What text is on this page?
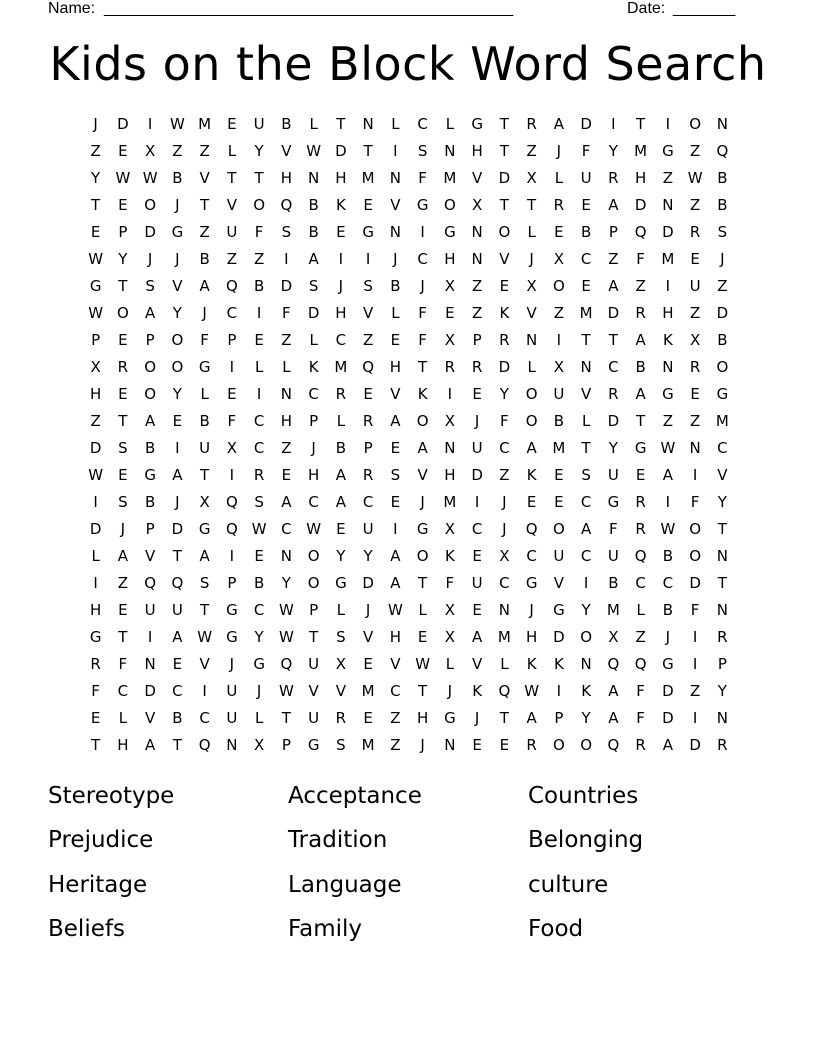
Name: ______________________________________________	Date: _______
Kids on the Block Word Search
J	D	I	W M	E	U	B	L	T	N	L	C	L	G	T	R	A	D	I	T	I	O	N
Z	E	X	Z	Z	L	Y	V W D	T	I	S	N	H	T	Z	J	F	Y	M G	Z	Q
Y	W W B	V	T	T	H	N	H	M	N	F	M	V	D	X	L	U	R	H	Z W B
T	E	O	J	T	V	O	Q	B	K	E	V	G	O	X	T	T	R	E	A	D	N	Z	B
E	P	D	G	Z	U	F	S	B	E	G	N	I	G	N	O	L	E	B	P	Q	D	R	S
W	Y	J	J	B	Z	Z	I	A	I	I	J	C	H	N	V	J	X	C	Z	F	M	E	J
G	T	S	V	A	Q	B	D	S	J	S	B	J	X	Z	E	X	O	E	A	Z	I	U	Z
W O	A	Y	J	C	I	F	D	H	V	L	F	E	Z	K	V	Z	M	D	R	H	Z	D
P	E	P	O	F	P	E	Z	L	C	Z	E	F	X	P	R	N	I	T	T	A	K	X	B
X	R	O	O	G	I	L	L	K	M Q	H	T	R	R	D	L	X	N	C	B	N	R	O
H	E	O	Y	L	E	I	N	C	R	E	V	K	I	E	Y	O	U	V	R	A	G	E	G
Z	T	A	E	B	F	C	H	P	L	R	A	O	X	J	F	O	B	L	D	T	Z	Z	M
D	S	B	I	U	X	C	Z	J	B	P	E	A	N	U	C	A	M	T	Y	G W N	C
W	E	G	A	T	I	R	E	H	A	R	S	V	H	D	Z	K	E	S	U	E	A	I	V
I	S	B	J	X	Q	S	A	C	A	C	E	J	M	I	J	E	E	C	G	R	I	F	Y
D	J	P	D	G	Q W C W	E	U	I	G	X	C	J	Q	O	A	F	R W O	T
L	A	V	T	A	I	E	N	O	Y	Y	A	O	K	E	X	C	U	C	U	Q	B	O	N
I	Z	Q	Q	S	P	B	Y	O	G	D	A	T	F	U	C	G	V	I	B	C	C	D	T
H	E	U	U	T	G	C W	P	L	J	W	L	X	E	N	J	G	Y	M	L	B	F	N
G	T	I	A W G	Y	W	T	S	V	H	E	X	A	M	H	D	O	X	Z	J	I	R
R	F	N	E	V	J	G	Q	U	X	E	V W	L	V	L	K	K	N	Q	Q	G	I	P
F	C	D	C	I	U	J	W V	V	M	C	T	J	K	Q W	I	K	A	F	D	Z	Y
E	L	V	B	C	U	L	T	U	R	E	Z	H	G	J	T	A	P	Y	A	F	D	I	N
T	H	A	T	Q	N	X	P	G	S	M	Z	J	N	E	E	R	O	O	Q	R	A	D	R
Stereotype	Acceptance	Countries
Prejudice	Tradition	Belonging
Heritage	Language	culture
Beliefs	Family	Food
